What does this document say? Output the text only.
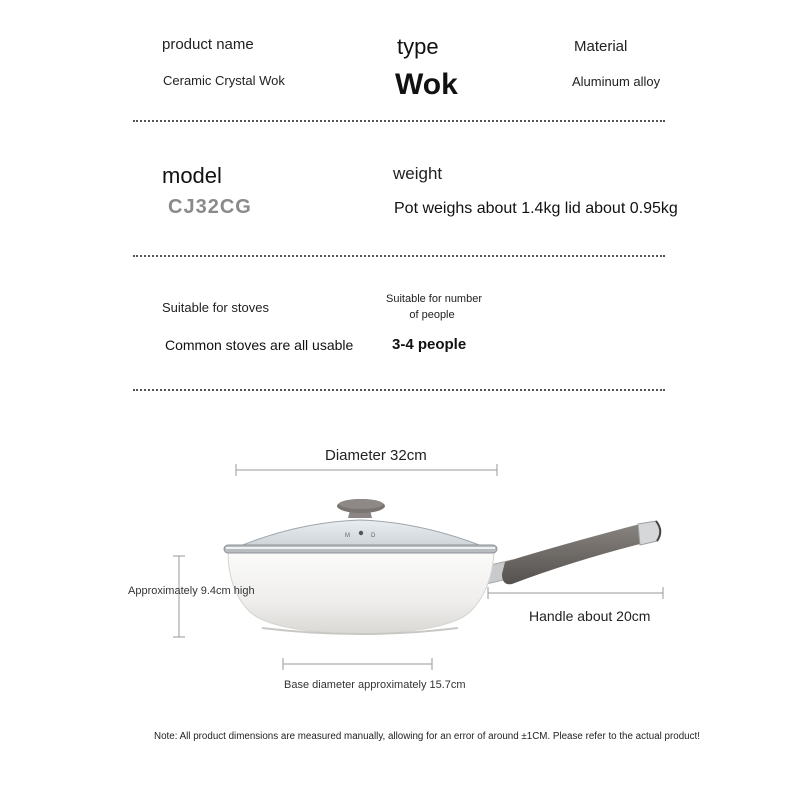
product name
Ceramic Crystal Wok
type
Wok
Material
Aluminum alloy
model
CJ32CG
weight
Pot weighs about 1.4kg lid about 0.95kg
Suitable for stoves
Common stoves are all usable
Suitable for number
of people
3-4 people
M	D
Diameter 32cm
Approximately 9.4cm high
Handle about 20cm
Base diameter approximately 15.7cm
Note: All product dimensions are measured manually, allowing for an error of around ±1CM. Please refer to the actual product!
